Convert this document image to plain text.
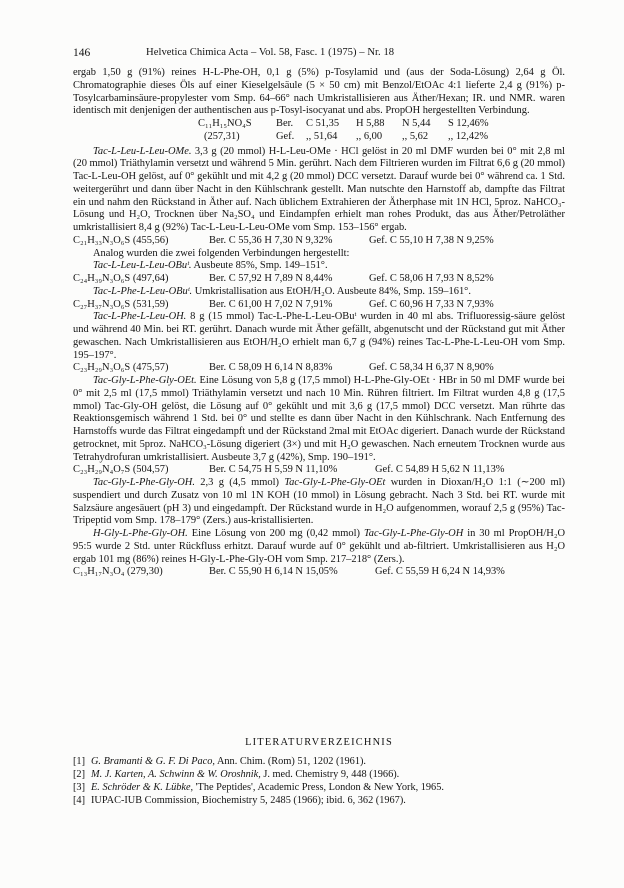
146	Helvetica Chimica Acta – Vol. 58, Fasc. 1 (1975) – Nr. 18

ergab 1,50 g (91%) reines H-L-Phe-OH, 0,1 g (5%) p-Tosylamid und (aus der Soda-Lösung) 2,64 g Öl. Chromatographie dieses Öls auf einer Kieselgelsäule (5 × 50 cm) mit Benzol/EtOAc 4:1 lieferte 2,4 g (91%) p-Tosylcarbaminsäure-propylester vom Smp. 64–66° nach Umkristallisieren aus Äther/Hexan; IR. und NMR. waren identisch mit denjenigen der authentischen aus p-Tosyl-isocyanat und abs. PropOH hergestellten Verbindung.

C₁₁H₁₅NO₄S	Ber.	C 51,35	H 5,88	N 5,44	S 12,46%
(257,31)	Gef.	,, 51,64	,, 6,00	,, 5,62	,, 12,42%

Tac-L-Leu-L-Leu-OMe. 3,3 g (20 mmol) H-L-Leu-OMe · HCl gelöst in 20 ml DMF wurden bei 0° mit 2,8 ml (20 mmol) Triäthylamin versetzt und während 5 Min. gerührt. Nach dem Filtrieren wurden im Filtrat 6,6 g (20 mmol) Tac-L-Leu-OH gelöst, auf 0° gekühlt und mit 4,2 g (20 mmol) DCC versetzt. Darauf wurde bei 0° während ca. 1 Std. weitergerührt und dann über Nacht in den Kühlschrank gestellt. Man nutschte den Harnstoff ab, dampfte das Filtrat ein und nahm den Rückstand in Äther auf. Nach üblichem Extrahieren der Ätherphase mit 1N HCl, 5proz. NaHCO₃-Lösung und H₂O, Trocknen über Na₂SO₄ und Eindampfen erhielt man rohes Produkt, das aus Äther/Petroläther umkristallisiert 8,4 g (92%) Tac-L-Leu-L-Leu-OMe vom Smp. 153–156° ergab.

C₂₁H₃₃N₃O₆S (455,56)	Ber. C 55,36 H 7,30 N 9,32%	Gef. C 55,10 H 7,38 N 9,25%

Analog wurden die zwei folgenden Verbindungen hergestellt:

Tac-L-Leu-L-Leu-OBuᵗ. Ausbeute 85%, Smp. 149–151°.

C₂₄H₃₉N₃O₆S (497,64)	Ber. C 57,92 H 7,89 N 8,44%	Gef. C 58,06 H 7,93 N 8,52%

Tac-L-Phe-L-Leu-OBuᵗ. Umkristallisation aus EtOH/H₂O. Ausbeute 84%, Smp. 159–161°.

C₂₇H₃₇N₃O₆S (531,59)	Ber. C 61,00 H 7,02 N 7,91%	Gef. C 60,96 H 7,33 N 7,93%

Tac-L-Phe-L-Leu-OH. 8 g (15 mmol) Tac-L-Phe-L-Leu-OBuᵗ wurden in 40 ml abs. Trifluoressig-säure gelöst und während 40 Min. bei RT. gerührt. Danach wurde mit Äther gefällt, abgenutscht und der Rückstand gut mit Äther gewaschen. Nach Umkristallisieren aus EtOH/H₂O erhielt man 6,7 g (94%) reines Tac-L-Phe-L-Leu-OH vom Smp. 195–197°.

C₂₃H₂₉N₃O₆S (475,57)	Ber. C 58,09 H 6,14 N 8,83%	Gef. C 58,34 H 6,37 N 8,90%

Tac-Gly-L-Phe-Gly-OEt. Eine Lösung von 5,8 g (17,5 mmol) H-L-Phe-Gly-OEt · HBr in 50 ml DMF wurde bei 0° mit 2,5 ml (17,5 mmol) Triäthylamin versetzt und nach 10 Min. Rühren filtriert. Im Filtrat wurden 4,8 g (17,5 mmol) Tac-Gly-OH gelöst, die Lösung auf 0° gekühlt und mit 3,6 g (17,5 mmol) DCC versetzt. Man rührte das Reaktionsgemisch während 1 Std. bei 0° und stellte es dann über Nacht in den Kühlschrank. Nach Entfernung des Harnstoffs wurde das Filtrat eingedampft und der Rückstand 2mal mit EtOAc digeriert. Danach wurde der Rückstand getrocknet, mit 5proz. NaHCO₃-Lösung digeriert (3×) und mit H₂O gewaschen. Nach erneutem Trocknen wurde aus Tetrahydrofuran umkristallisiert. Ausbeute 3,7 g (42%), Smp. 190–191°.

C₂₃H₂₉N₄O₇S (504,57)	Ber. C 54,75 H 5,59 N 11,10%	Gef. C 54,89 H 5,62 N 11,13%

Tac-Gly-L-Phe-Gly-OH. 2,3 g (4,5 mmol) Tac-Gly-L-Phe-Gly-OEt wurden in Dioxan/H₂O 1:1 (∼200 ml) suspendiert und durch Zusatz von 10 ml 1N KOH (10 mmol) in Lösung gebracht. Nach 3 Std. bei RT. wurde mit Salzsäure angesäuert (pH 3) und eingedampft. Der Rückstand wurde in H₂O aufgenommen, worauf 2,5 g (95%) Tac-Tripeptid vom Smp. 178–179° (Zers.) aus-kristallisierten.

H-Gly-L-Phe-Gly-OH. Eine Lösung von 200 mg (0,42 mmol) Tac-Gly-L-Phe-Gly-OH in 30 ml PropOH/H₂O 95:5 wurde 2 Std. unter Rückfluss erhitzt. Darauf wurde auf 0° gekühlt und ab-filtriert. Umkristallisieren aus H₂O ergab 101 mg (86%) reines H-Gly-L-Phe-Gly-OH vom Smp. 217–218° (Zers.).

C₁₃H₁₇N₃O₄ (279,30)	Ber. C 55,90 H 6,14 N 15,05%	Gef. C 55,59 H 6,24 N 14,93%
LITERATURVERZEICHNIS

[1] G. Bramanti & G. F. Di Paco, Ann. Chim. (Rom) 51, 1202 (1961).

[2] M. J. Karten, A. Schwinn & W. Oroshnik, J. med. Chemistry 9, 448 (1966).

[3] E. Schröder & K. Lübke, 'The Peptides', Academic Press, London & New York, 1965.

[4] IUPAC-IUB Commission, Biochemistry 5, 2485 (1966); ibid. 6, 362 (1967).
